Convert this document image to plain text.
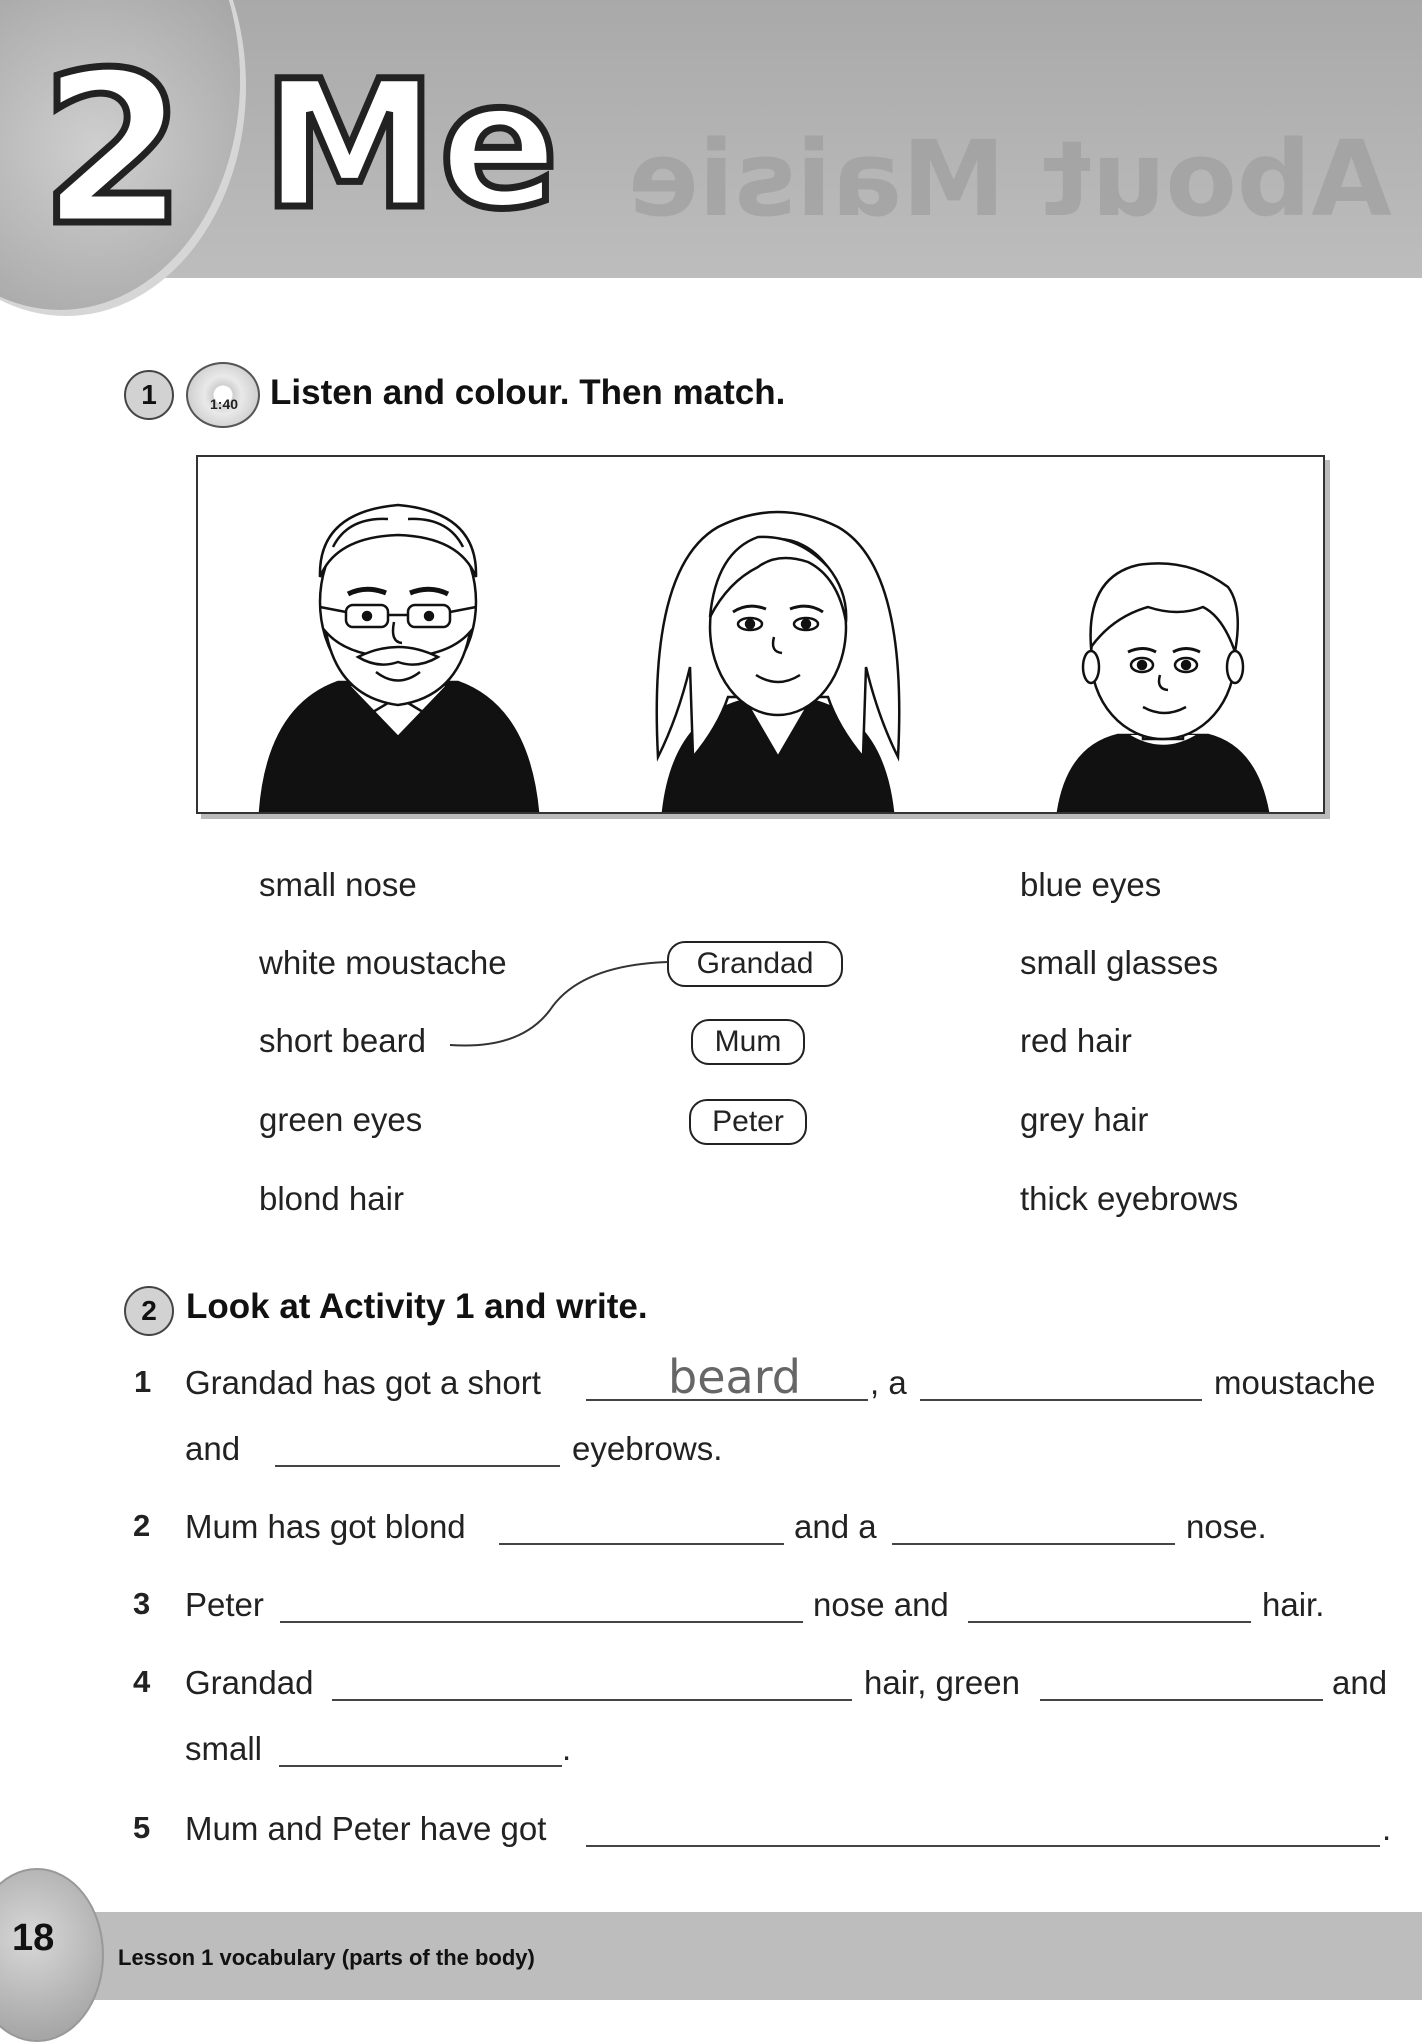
About Maisie
2 Me
1	1:40 Listen and colour. Then match.
small nose
white moustache
short beard
green eyes
blond hair
Grandad
Mum
Peter
blue eyes
small glasses
red hair
grey hair
thick eyebrows
2 Look at Activity 1 and write.
1 Grandad has got a short	beard , a	moustache
and	eyebrows.
2 Mum has got blond	and a	nose.
3 Peter	nose and	hair.
4 Grandad	hair, green	and
small	.
5 Mum and Peter have got	.
18	Lesson 1 vocabulary (parts of the body)
